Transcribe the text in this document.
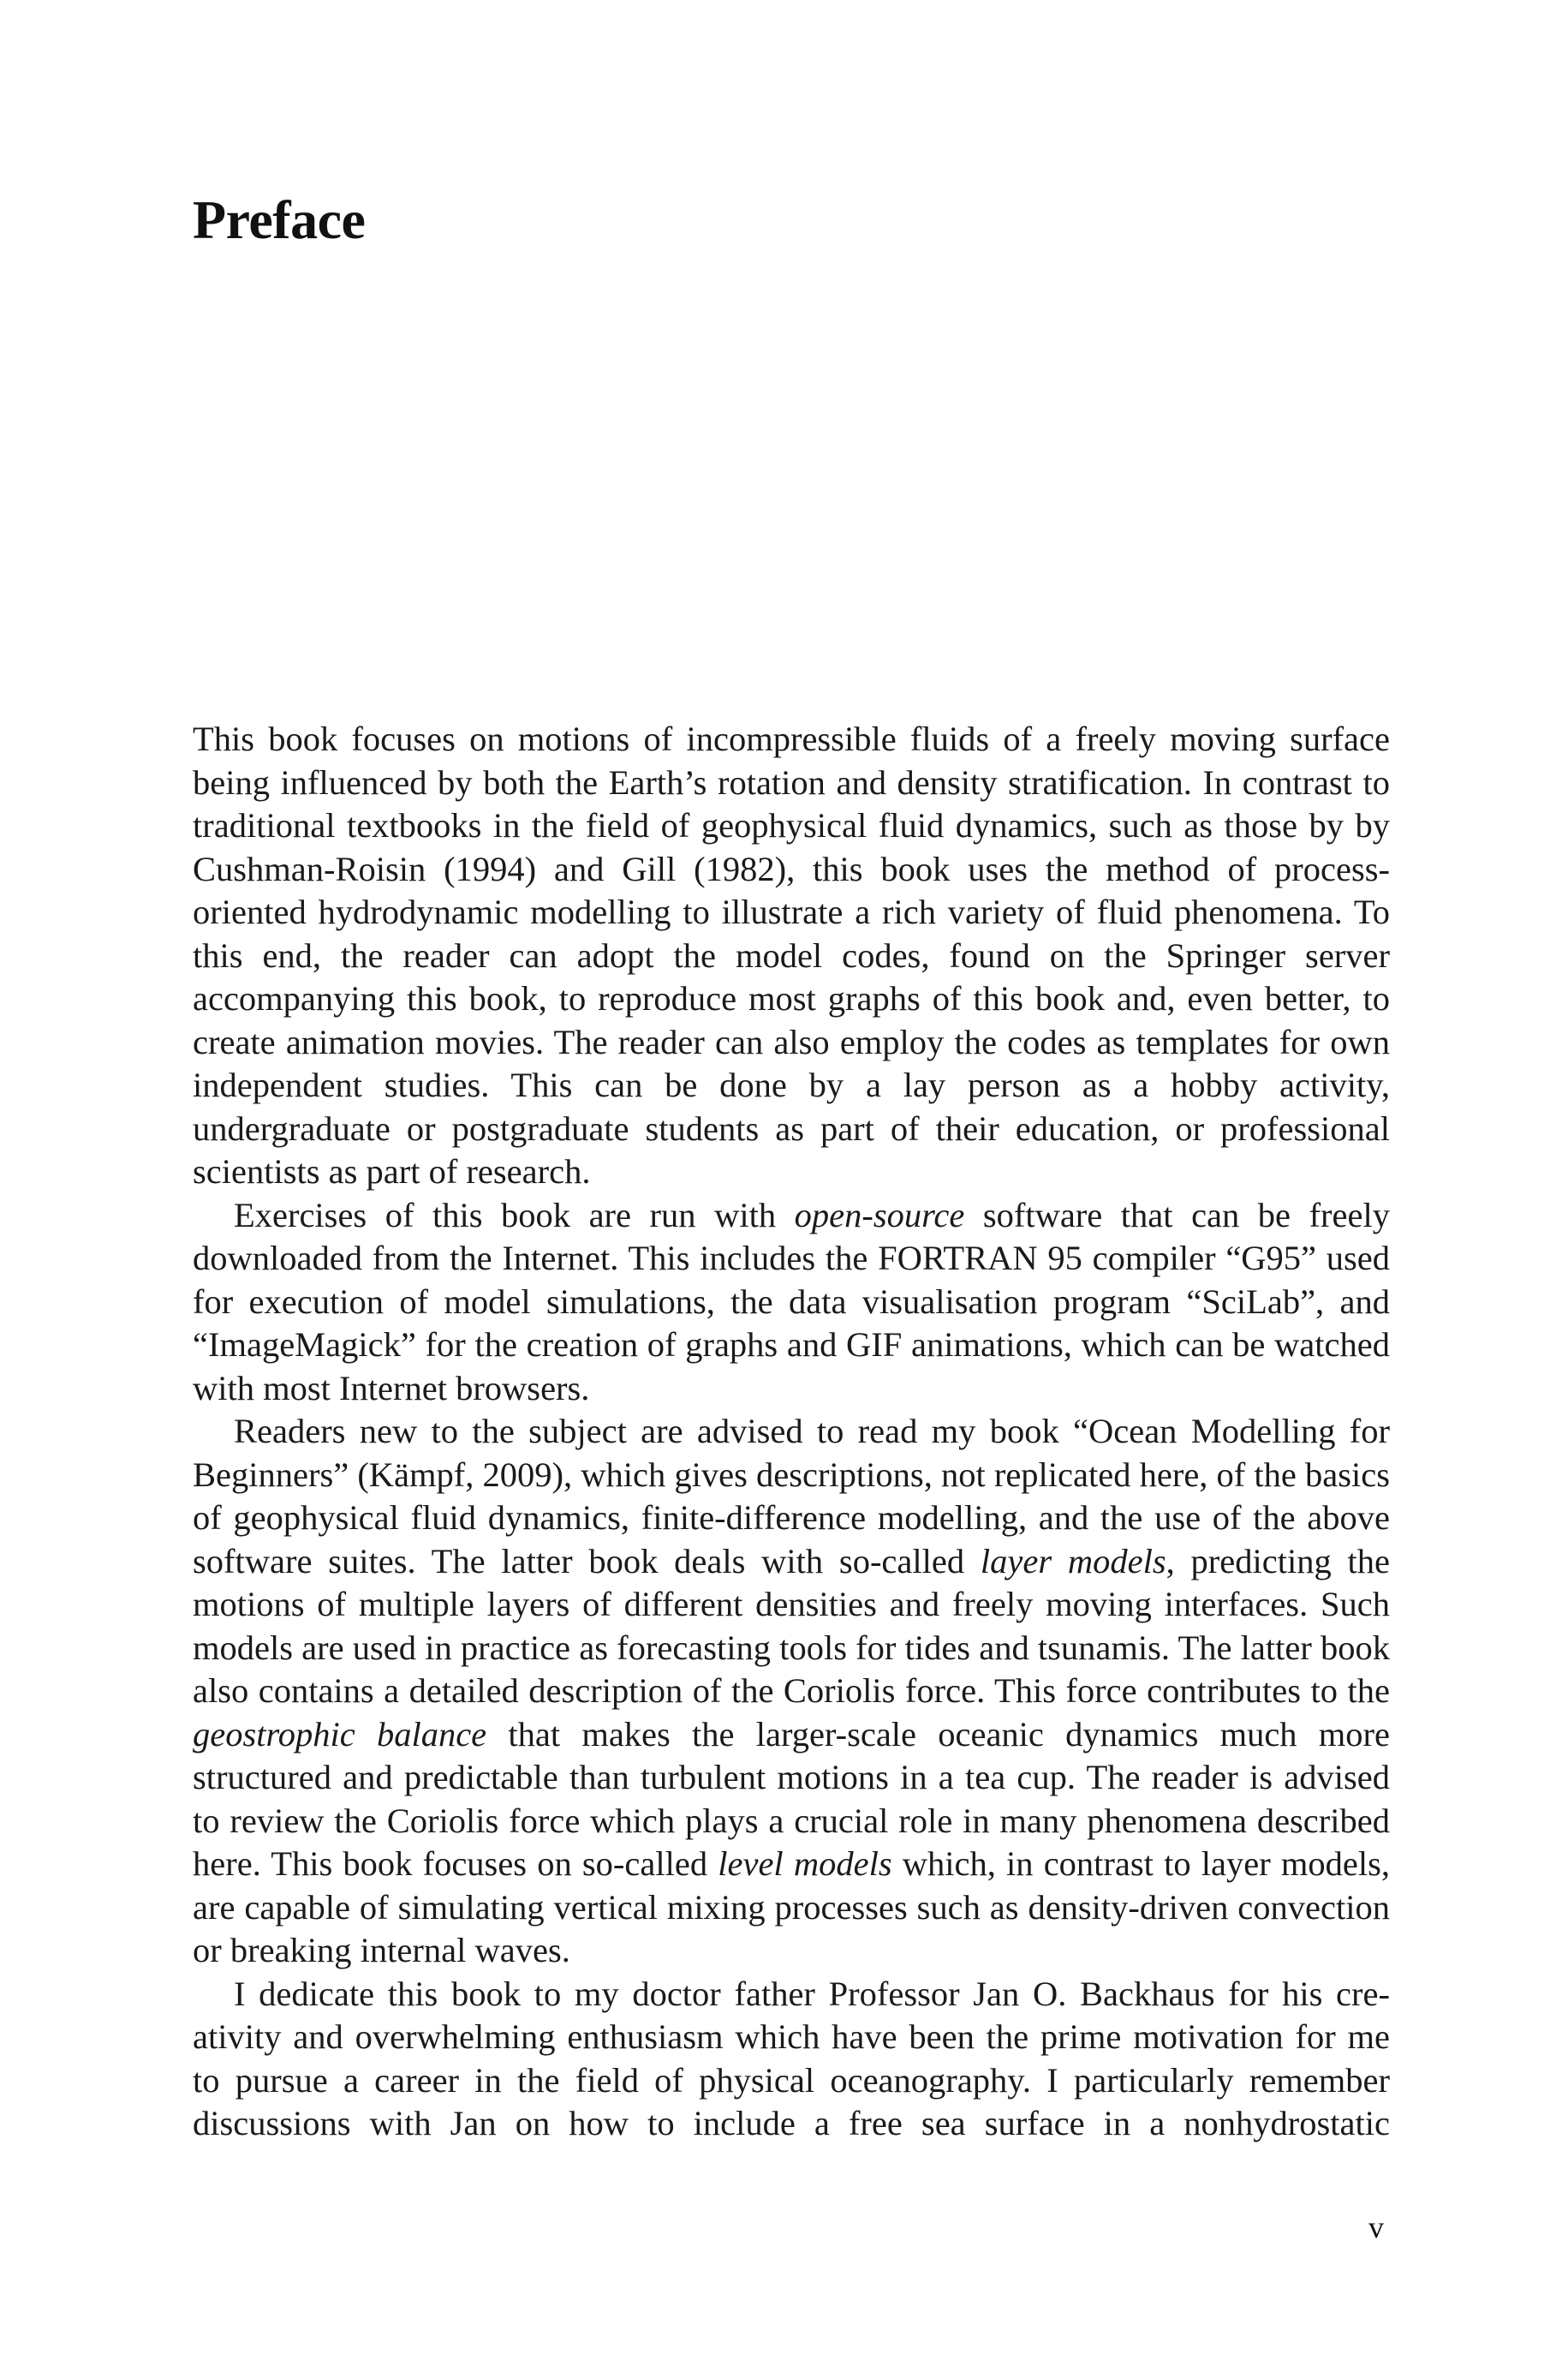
Preface

This book focuses on motions of incompressible fluids of a freely moving surface being influenced by both the Earth’s rotation and density stratification. In contrast to traditional textbooks in the field of geophysical fluid dynamics, such as those by by Cushman-Roisin (1994) and Gill (1982), this book uses the method of process-oriented hydrodynamic modelling to illustrate a rich variety of fluid phenomena. To this end, the reader can adopt the model codes, found on the Springer server accompanying this book, to reproduce most graphs of this book and, even better, to create animation movies. The reader can also employ the codes as templates for own independent studies. This can be done by a lay person as a hobby activity, undergraduate or postgraduate students as part of their education, or professional scientists as part of research.

Exercises of this book are run with open-source software that can be freely downloaded from the Internet. This includes the FORTRAN 95 compiler “G95” used for execution of model simulations, the data visualisation program “SciLab”, and “ImageMagick” for the creation of graphs and GIF animations, which can be watched with most Internet browsers.

Readers new to the subject are advised to read my book “Ocean Modelling for Beginners” (Kämpf, 2009), which gives descriptions, not replicated here, of the basics of geophysical fluid dynamics, finite-difference modelling, and the use of the above software suites. The latter book deals with so-called layer models, predicting the motions of multiple layers of different densities and freely moving interfaces. Such models are used in practice as forecasting tools for tides and tsunamis. The latter book also contains a detailed description of the Coriolis force. This force contributes to the geostrophic balance that makes the larger-scale oceanic dynamics much more structured and predictable than turbulent motions in a tea cup. The reader is advised to review the Coriolis force which plays a crucial role in many phenomena described here. This book focuses on so-called level models which, in contrast to layer models, are capable of simulating vertical mixing processes such as density-driven convection or breaking internal waves.

I dedicate this book to my doctor father Professor Jan O. Backhaus for his creativity and overwhelming enthusiasm which have been the prime motivation for me to pursue a career in the field of physical oceanography. I particularly remember discussions with Jan on how to include a free sea surface in a nonhydrostatic

v
